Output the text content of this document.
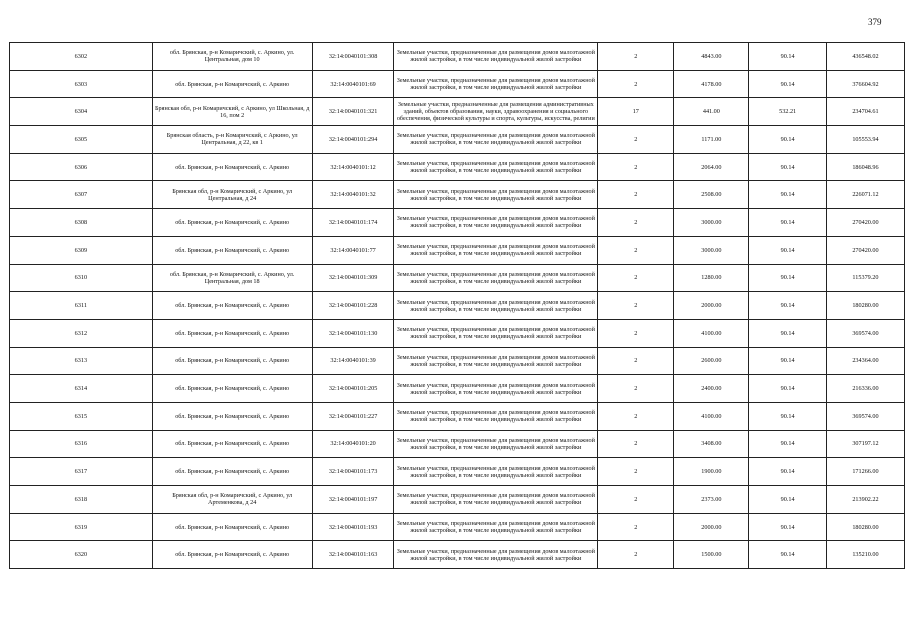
379
6302	обл. Брянская, р-н Комаричский, с. Аркино, ул. Центральная, дом 10	32:14:0040101:308	Земельные участки, предназначенные для размещения домов малоэтажной жилой застройки, в том числе индивидуальной жилой застройки	2	4843.00	90.14	436548.02
6303	обл. Брянская, р-н Комаричский, с. Аркино	32:14:0040101:69	Земельные участки, предназначенные для размещения домов малоэтажной жилой застройки, в том числе индивидуальной жилой застройки	2	4178.00	90.14	376604.92
6304	Брянская обл, р-н Комаричский, с Аркино, ул Школьная, д 16, пом 2	32:14:0040101:321	Земельные участки, предназначенные для размещения административных зданий, объектов образования, науки, здравоохранения и социального обеспечения, физической культуры и спорта, культуры, искусства, религии	17	441.00	532.21	234704.61
6305	Брянская область, р-н Комаричский, с Аркино, ул Центральная, д 22, кв 1	32:14:0040101:294	Земельные участки, предназначенные для размещения домов малоэтажной жилой застройки, в том числе индивидуальной жилой застройки	2	1171.00	90.14	105553.94
6306	обл. Брянская, р-н Комаричский, с. Аркино	32:14:0040101:12	Земельные участки, предназначенные для размещения домов малоэтажной жилой застройки, в том числе индивидуальной жилой застройки	2	2064.00	90.14	186048.96
6307	Брянская обл, р-н Комаричский, с Аркино, ул Центральная, д 24	32:14:0040101:32	Земельные участки, предназначенные для размещения домов малоэтажной жилой застройки, в том числе индивидуальной жилой застройки	2	2508.00	90.14	226071.12
6308	обл. Брянская, р-н Комаричский, с. Аркино	32:14:0040101:174	Земельные участки, предназначенные для размещения домов малоэтажной жилой застройки, в том числе индивидуальной жилой застройки	2	3000.00	90.14	270420.00
6309	обл. Брянская, р-н Комаричский, с. Аркино	32:14:0040101:77	Земельные участки, предназначенные для размещения домов малоэтажной жилой застройки, в том числе индивидуальной жилой застройки	2	3000.00	90.14	270420.00
6310	обл. Брянская, р-н Комаричский, с. Аркино, ул. Центральная, дом 18	32:14:0040101:309	Земельные участки, предназначенные для размещения домов малоэтажной жилой застройки, в том числе индивидуальной жилой застройки	2	1280.00	90.14	115379.20
6311	обл. Брянская, р-н Комаричский, с. Аркино	32:14:0040101:228	Земельные участки, предназначенные для размещения домов малоэтажной жилой застройки, в том числе индивидуальной жилой застройки	2	2000.00	90.14	180280.00
6312	обл. Брянская, р-н Комаричский, с. Аркино	32:14:0040101:130	Земельные участки, предназначенные для размещения домов малоэтажной жилой застройки, в том числе индивидуальной жилой застройки	2	4100.00	90.14	369574.00
6313	обл. Брянская, р-н Комаричский, с. Аркино	32:14:0040101:39	Земельные участки, предназначенные для размещения домов малоэтажной жилой застройки, в том числе индивидуальной жилой застройки	2	2600.00	90.14	234364.00
6314	обл. Брянская, р-н Комаричский, с. Аркино	32:14:0040101:205	Земельные участки, предназначенные для размещения домов малоэтажной жилой застройки, в том числе индивидуальной жилой застройки	2	2400.00	90.14	216336.00
6315	обл. Брянская, р-н Комаричский, с. Аркино	32:14:0040101:227	Земельные участки, предназначенные для размещения домов малоэтажной жилой застройки, в том числе индивидуальной жилой застройки	2	4100.00	90.14	369574.00
6316	обл. Брянская, р-н Комаричский, с. Аркино	32:14:0040101:20	Земельные участки, предназначенные для размещения домов малоэтажной жилой застройки, в том числе индивидуальной жилой застройки	2	3408.00	90.14	307197.12
6317	обл. Брянская, р-н Комаричский, с. Аркино	32:14:0040101:173	Земельные участки, предназначенные для размещения домов малоэтажной жилой застройки, в том числе индивидуальной жилой застройки	2	1900.00	90.14	171266.00
6318	Брянская обл, р-н Комаричский, с Аркино, ул Артеменкова, д 24	32:14:0040101:197	Земельные участки, предназначенные для размещения домов малоэтажной жилой застройки, в том числе индивидуальной жилой застройки	2	2373.00	90.14	213902.22
6319	обл. Брянская, р-н Комаричский, с. Аркино	32:14:0040101:193	Земельные участки, предназначенные для размещения домов малоэтажной жилой застройки, в том числе индивидуальной жилой застройки	2	2000.00	90.14	180280.00
6320	обл. Брянская, р-н Комаричский, с. Аркино	32:14:0040101:163	Земельные участки, предназначенные для размещения домов малоэтажной жилой застройки, в том числе индивидуальной жилой застройки	2	1500.00	90.14	135210.00
